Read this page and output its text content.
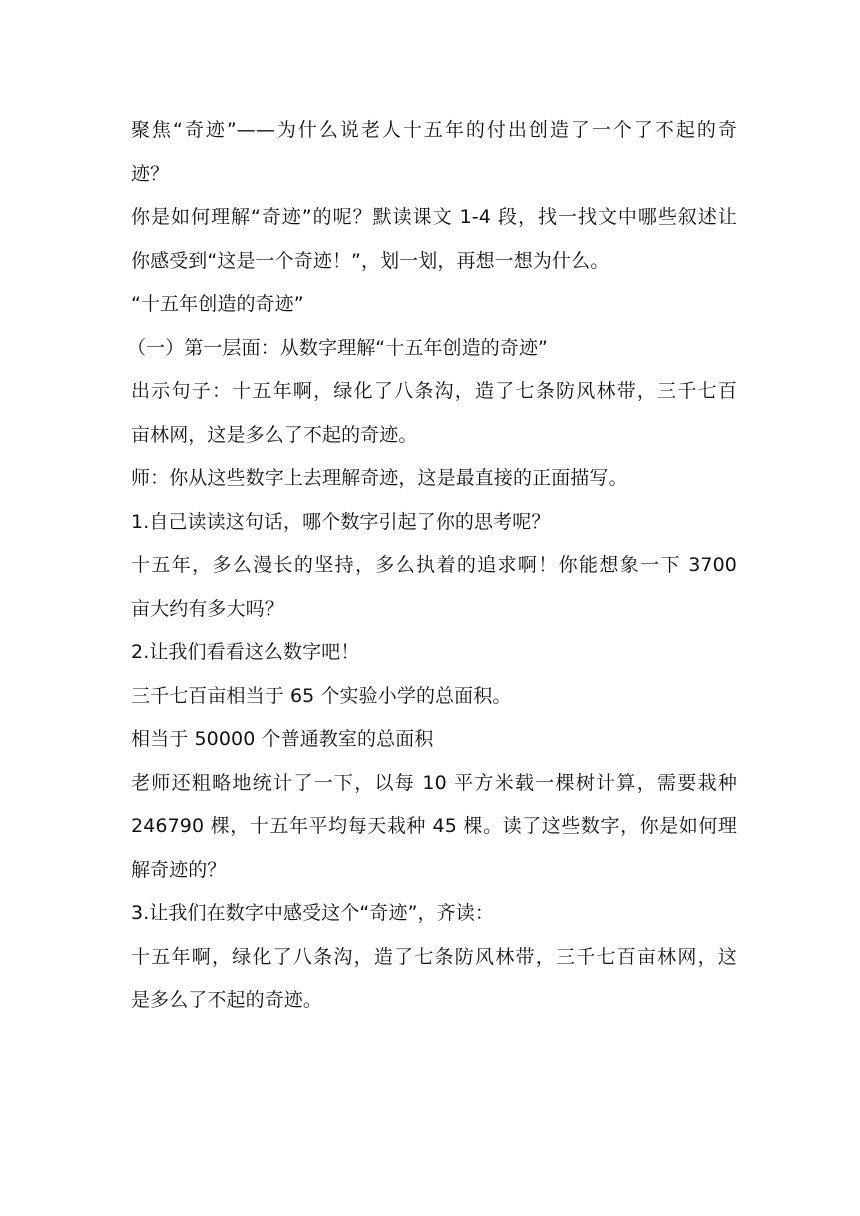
聚焦“奇迹”——为什么说老人十五年的付出创造了一个了不起的奇
迹？
你是如何理解“奇迹”的呢？默读课文 1-4 段，找一找文中哪些叙述让
你感受到“这是一个奇迹！”，划一划，再想一想为什么。
“十五年创造的奇迹”
（一）第一层面：从数字理解“十五年创造的奇迹”
出示句子：十五年啊，绿化了八条沟，造了七条防风林带，三千七百
亩林网，这是多么了不起的奇迹。
师：你从这些数字上去理解奇迹，这是最直接的正面描写。
1.自己读读这句话，哪个数字引起了你的思考呢？
十五年，多么漫长的坚持，多么执着的追求啊！你能想象一下 3700
亩大约有多大吗？
2.让我们看看这么数字吧！
三千七百亩相当于 65 个实验小学的总面积。
相当于 50000 个普通教室的总面积
老师还粗略地统计了一下，以每 10 平方米载一棵树计算，需要栽种
246790 棵，十五年平均每天栽种 45 棵。读了这些数字，你是如何理
解奇迹的？
3.让我们在数字中感受这个“奇迹”，齐读：
十五年啊，绿化了八条沟，造了七条防风林带，三千七百亩林网，这
是多么了不起的奇迹。
